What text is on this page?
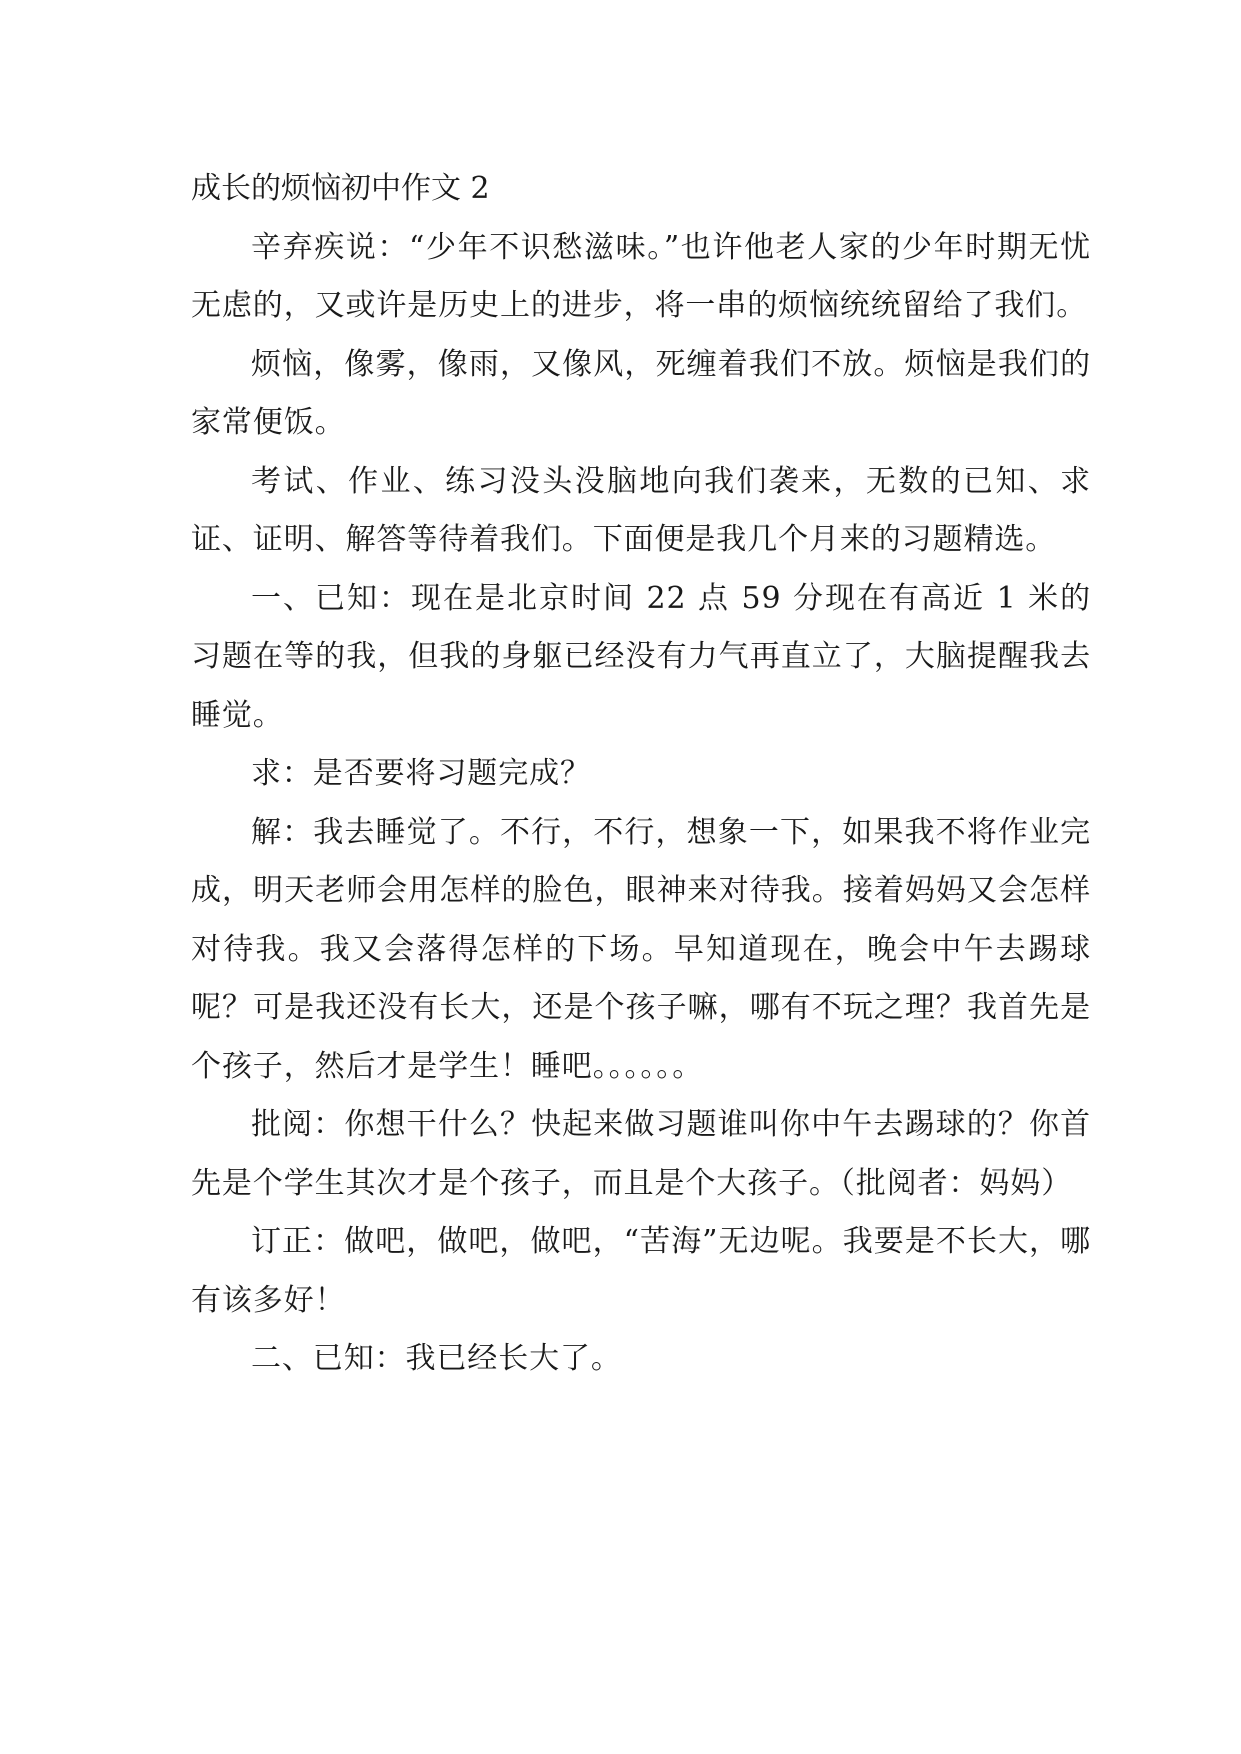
成长的烦恼初中作文 2

辛弃疾说：“少年不识愁滋味。”也许他老人家的少年时期无忧无虑的，又或许是历史上的进步，将一串的烦恼统统留给了我们。

烦恼，像雾，像雨，又像风，死缠着我们不放。烦恼是我们的家常便饭。

考试、作业、练习没头没脑地向我们袭来，无数的已知、求证、证明、解答等待着我们。下面便是我几个月来的习题精选。

一、已知：现在是北京时间 22 点 59 分现在有高近 1 米的习题在等的我，但我的身躯已经没有力气再直立了，大脑提醒我去睡觉。

求：是否要将习题完成？

解：我去睡觉了。不行，不行，想象一下，如果我不将作业完成，明天老师会用怎样的脸色，眼神来对待我。接着妈妈又会怎样对待我。我又会落得怎样的下场。早知道现在，晚会中午去踢球呢？可是我还没有长大，还是个孩子嘛，哪有不玩之理？我首先是个孩子，然后才是学生！睡吧。。。。。。

批阅：你想干什么？快起来做习题谁叫你中午去踢球的？你首先是个学生其次才是个孩子，而且是个大孩子。（批阅者：妈妈）

订正：做吧，做吧，做吧，“苦海”无边呢。我要是不长大，哪有该多好！

二、已知：我已经长大了。
